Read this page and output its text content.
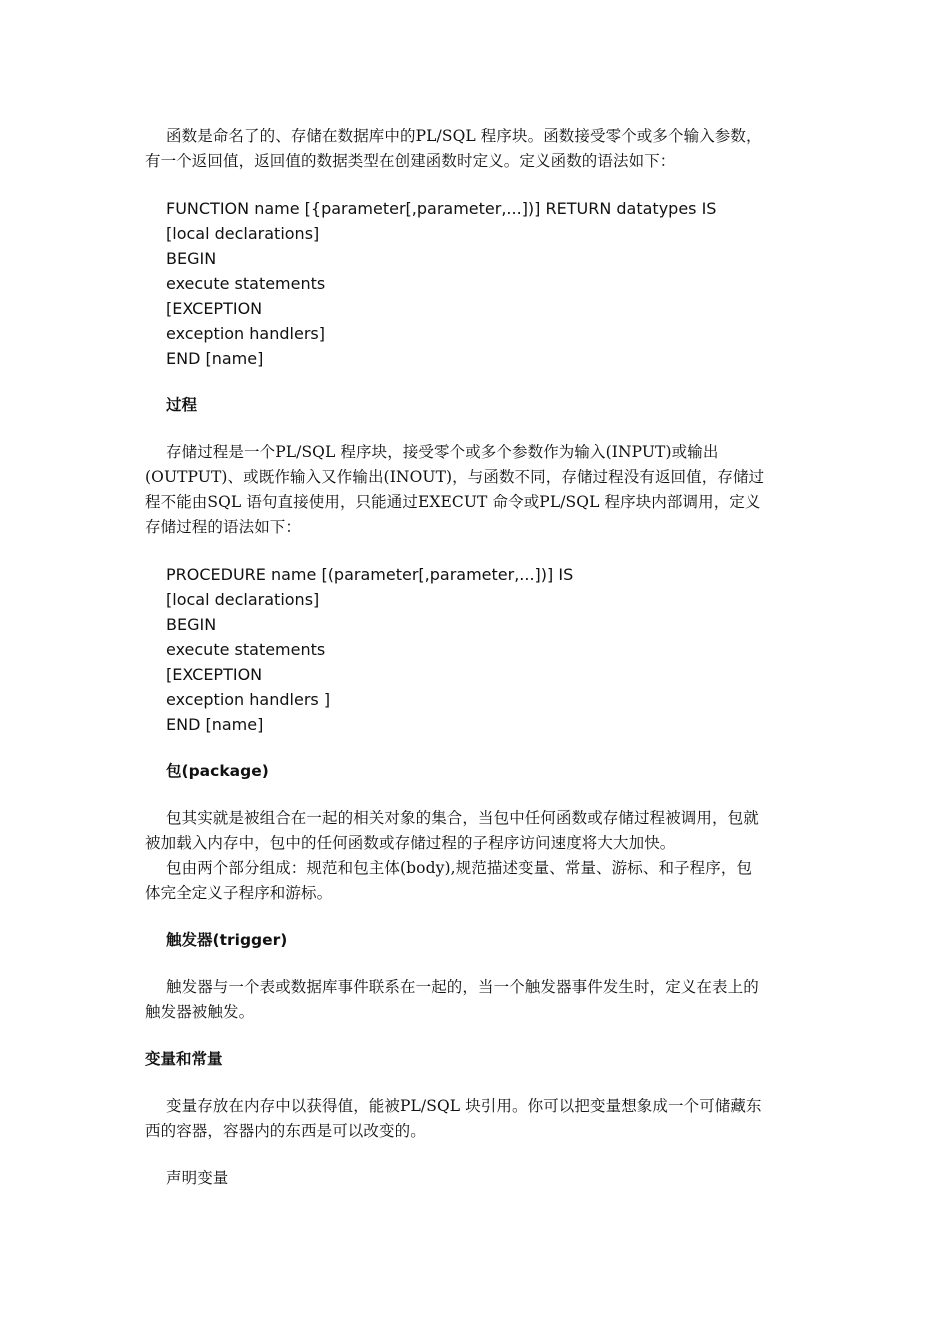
函数是命名了的、存储在数据库中的PL/SQL 程序块。函数接受零个或多个输入参数，
有一个返回值，返回值的数据类型在创建函数时定义。定义函数的语法如下：

FUNCTION name [{parameter[,parameter,...])] RETURN datatypes IS
[local declarations]
BEGIN
execute statements
[EXCEPTION
exception handlers]
END [name]
过程

存储过程是一个PL/SQL 程序块，接受零个或多个参数作为输入(INPUT)或输出
(OUTPUT)、或既作输入又作输出(INOUT)，与函数不同，存储过程没有返回值，存储过
程不能由SQL 语句直接使用，只能通过EXECUT 命令或PL/SQL 程序块内部调用，定义
存储过程的语法如下：

PROCEDURE name [(parameter[,parameter,...])] IS
[local declarations]
BEGIN
execute statements
[EXCEPTION
exception handlers ]
END [name]
包(package)

包其实就是被组合在一起的相关对象的集合，当包中任何函数或存储过程被调用，包就
被加载入内存中，包中的任何函数或存储过程的子程序访问速度将大大加快。
包由两个部分组成：规范和包主体(body),规范描述变量、常量、游标、和子程序，包
体完全定义子程序和游标。

触发器(trigger)

触发器与一个表或数据库事件联系在一起的，当一个触发器事件发生时，定义在表上的
触发器被触发。

变量和常量

变量存放在内存中以获得值，能被PL/SQL 块引用。你可以把变量想象成一个可储藏东
西的容器，容器内的东西是可以改变的。

声明变量
